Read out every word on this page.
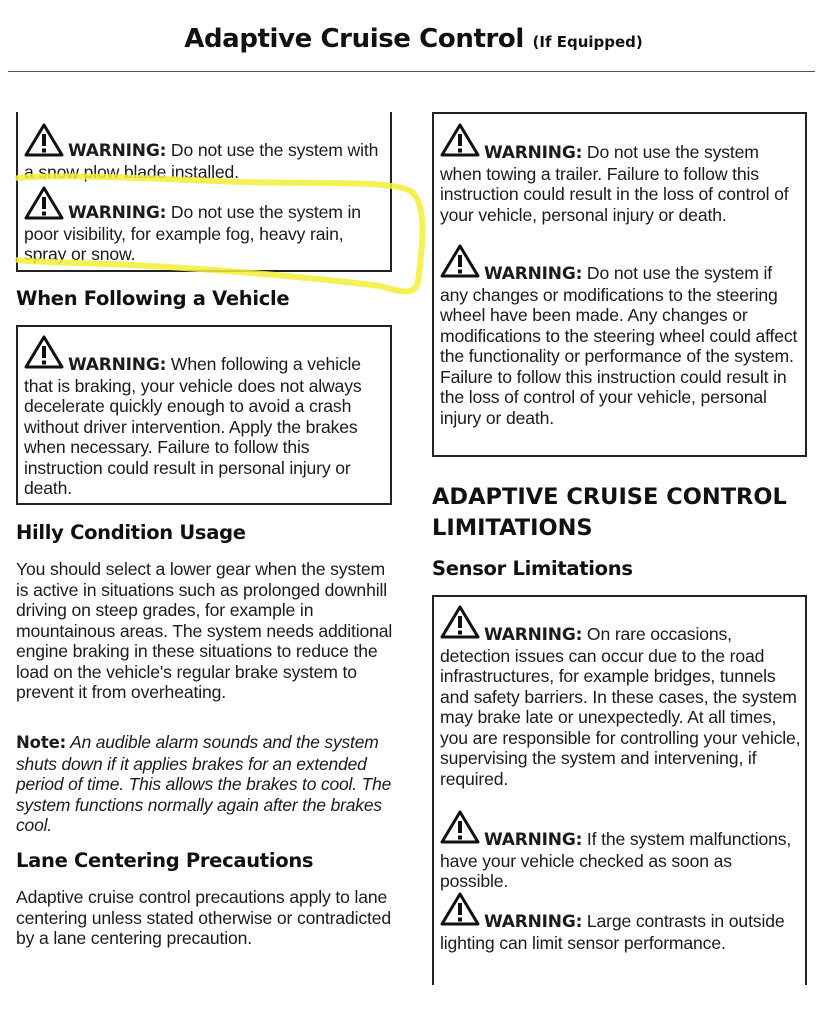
Adaptive Cruise Control (If Equipped)
WARNING: Do not use the system with a snow plow blade installed.
WARNING: Do not use the system in poor visibility, for example fog, heavy rain, spray or snow.
When Following a Vehicle
WARNING: When following a vehicle that is braking, your vehicle does not always decelerate quickly enough to avoid a crash without driver intervention. Apply the brakes when necessary. Failure to follow this instruction could result in personal injury or death.
Hilly Condition Usage
You should select a lower gear when the system is active in situations such as prolonged downhill driving on steep grades, for example in mountainous areas. The system needs additional engine braking in these situations to reduce the load on the vehicle's regular brake system to prevent it from overheating.
Note: An audible alarm sounds and the system shuts down if it applies brakes for an extended period of time. This allows the brakes to cool. The system functions normally again after the brakes cool.
Lane Centering Precautions
Adaptive cruise control precautions apply to lane centering unless stated otherwise or contradicted by a lane centering precaution.
WARNING: Do not use the system when towing a trailer. Failure to follow this instruction could result in the loss of control of your vehicle, personal injury or death.
WARNING: Do not use the system if any changes or modifications to the steering wheel have been made. Any changes or modifications to the steering wheel could affect the functionality or performance of the system. Failure to follow this instruction could result in the loss of control of your vehicle, personal injury or death.
ADAPTIVE CRUISE CONTROL LIMITATIONS
Sensor Limitations
WARNING: On rare occasions, detection issues can occur due to the road infrastructures, for example bridges, tunnels and safety barriers. In these cases, the system may brake late or unexpectedly. At all times, you are responsible for controlling your vehicle, supervising the system and intervening, if required.
WARNING: If the system malfunctions, have your vehicle checked as soon as possible.
WARNING: Large contrasts in outside lighting can limit sensor performance.
